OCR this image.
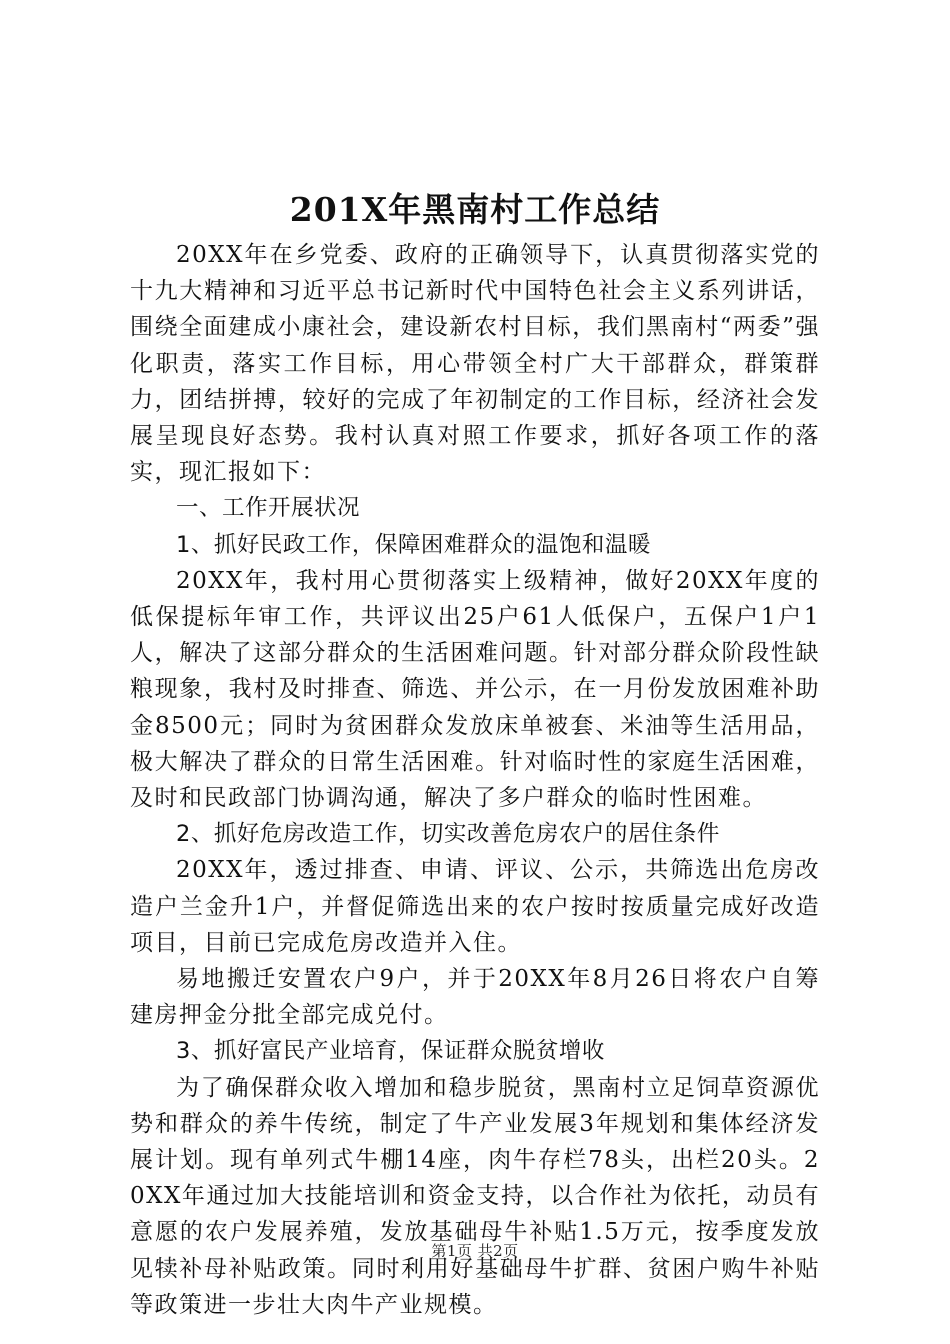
201X年黑南村工作总结

20XX年在乡党委、政府的正确领导下，认真贯彻落实党的十九大精神和习近平总书记新时代中国特色社会主义系列讲话，围绕全面建成小康社会，建设新农村目标，我们黑南村“两委”强化职责，落实工作目标，用心带领全村广大干部群众，群策群力，团结拼搏，较好的完成了年初制定的工作目标，经济社会发展呈现良好态势。我村认真对照工作要求，抓好各项工作的落实，现汇报如下：

一、工作开展状况

1、抓好民政工作，保障困难群众的温饱和温暖

20XX年，我村用心贯彻落实上级精神，做好20XX年度的低保提标年审工作，共评议出25户61人低保户，五保户1户1人，解决了这部分群众的生活困难问题。针对部分群众阶段性缺粮现象，我村及时排查、筛选、并公示，在一月份发放困难补助金8500元；同时为贫困群众发放床单被套、米油等生活用品，极大解决了群众的日常生活困难。针对临时性的家庭生活困难，及时和民政部门协调沟通，解决了多户群众的临时性困难。

2、抓好危房改造工作，切实改善危房农户的居住条件

20XX年，透过排查、申请、评议、公示，共筛选出危房改造户兰金升1户，并督促筛选出来的农户按时按质量完成好改造项目，目前已完成危房改造并入住。

易地搬迁安置农户9户，并于20XX年8月26日将农户自筹建房押金分批全部完成兑付。

3、抓好富民产业培育，保证群众脱贫增收

为了确保群众收入增加和稳步脱贫，黑南村立足饲草资源优势和群众的养牛传统，制定了牛产业发展3年规划和集体经济发展计划。现有单列式牛棚14座，肉牛存栏78头，出栏20头。20XX年通过加大技能培训和资金支持，以合作社为依托，动员有意愿的农户发展养殖，发放基础母牛补贴1.5万元，按季度发放见犊补母补贴政策。同时利用好基础母牛扩群、贫困户购牛补贴等政策进一步壮大肉牛产业规模。

第1页 共2页
